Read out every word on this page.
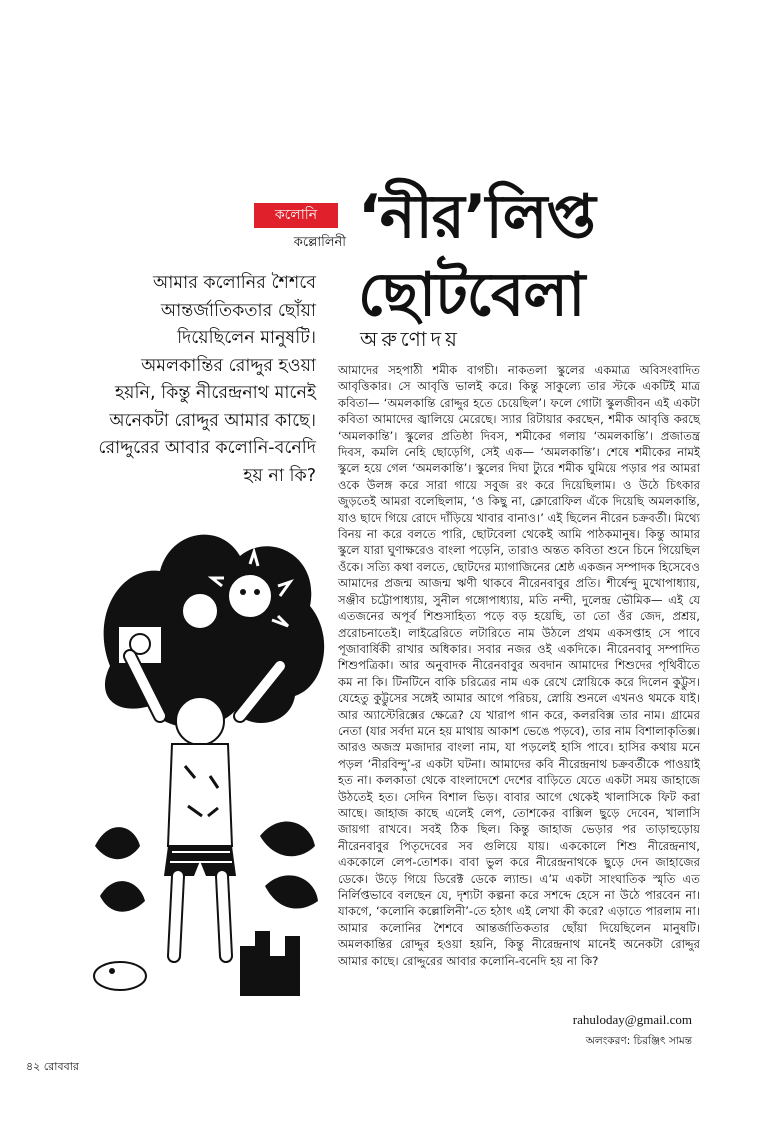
কলোনি
কল্লোলিনী ‘নীর’লিপ্ত
ছোটবেলা
অরুণোদয়
আমার কলোনির শৈশবে আন্তর্জাতিকতার ছোঁয়া দিয়েছিলেন মানুষটি। অমলকান্তির রোদ্দুর হওয়া হয়নি, কিন্তু নীরেন্দ্রনাথ মানেই অনেকটা রোদ্দুর আমার কাছে। রোদ্দুরের আবার কলোনি-বনেদি হয় না কি?

আমাদের সহপাঠী শমীক বাগচী। নাকতলা স্কুলের একমাত্র অবিসংবাদিত আবৃত্তিকার। সে আবৃত্তি ভালই করে। কিন্তু সাকুল্যে তার স্টকে একটিই মাত্র কবিতা— ‘অমলকান্তি রোদ্দুর হতে চেয়েছিল’। ফলে গোটা স্কুলজীবন এই একটা কবিতা আমাদের জ্বালিয়ে মেরেছে। স্যার রিটায়ার করছেন, শমীক আবৃত্তি করছে ‘অমলকান্তি’। স্কুলের প্রতিষ্ঠা দিবস, শমীকের গলায় ‘অমলকান্তি’। প্রজাতন্ত্র দিবস, কমলি নেহি ছোড়েগি, সেই এক— ‘অমলকান্তি’। শেষে শমীকের নামই স্কুলে হয়ে গেল ‘অমলকান্তি’। স্কুলের দিঘা ট্যুরে শমীক ঘুমিয়ে পড়ার পর আমরা ওকে উলঙ্গ করে সারা গায়ে সবুজ রং করে দিয়েছিলাম। ও উঠে চিৎকার জুড়তেই আমরা বলেছিলাম, ‘ও কিছু না, ক্লোরোফিল এঁকে দিয়েছি অমলকান্তি, যাও ছাদে গিয়ে রোদে দাঁড়িয়ে খাবার বানাও।’ এই ছিলেন নীরেন চক্রবর্তী। মিথ্যে বিনয় না করে বলতে পারি, ছোটবেলা থেকেই আমি পাঠকমানুষ। কিন্তু আমার স্কুলে যারা ঘুণাক্ষরেও বাংলা পড়েনি, তারাও অন্তত কবিতা শুনে চিনে গিয়েছিল ওঁকে। সত্যি কথা বলতে, ছোটদের ম্যাগাজিনের শ্রেষ্ঠ একজন সম্পাদক হিসেবেও আমাদের প্রজন্ম আজন্ম ঋণী থাকবে নীরেনবাবুর প্রতি। শীর্ষেন্দু মুখোপাধ্যায়, সঞ্জীব চট্টোপাধ্যায়, সুনীল গঙ্গোপাধ্যায়, মতি নন্দী, দুলেন্দ্র ভৌমিক— এই যে এতজনের অপূর্ব শিশুসাহিত্য পড়ে বড় হয়েছি, তা তো ওঁর জেদ, প্রশ্রয়, প্ররোচনাতেই। লাইব্রেরিতে লটারিতে নাম উঠলে প্রথম একসপ্তাহ সে পাবে পূজাবার্ষিকী রাখার অধিকার। সবার নজর ওই একদিকে। নীরেনবাবু সম্পাদিত শিশুপত্রিকা। আর অনুবাদক নীরেনবাবুর অবদান আমাদের শিশুদের পৃথিবীতে কম না কি। টিনটিনে বাকি চরিত্রের নাম এক রেখে স্নোয়িকে করে দিলেন কুট্টুস। যেহেতু কুট্টুসের সঙ্গেই আমার আগে পরিচয়, স্নোয়ি শুনলে এখনও থমকে যাই। আর অ্যাস্টেরিক্সের ক্ষেত্রে? যে খারাপ গান করে, কলরবিক্স তার নাম। গ্রামের নেতা (যার সর্বদা মনে হয় মাথায় আকাশ ভেঙে পড়বে), তার নাম বিশালাকৃতিক্স। আরও অজস্র মজাদার বাংলা নাম, যা পড়লেই হাসি পাবে। হাসির কথায় মনে পড়ল ‘নীরবিন্দু’-র একটা ঘটনা। আমাদের কবি নীরেন্দ্রনাথ চক্রবর্তীকে পাওয়াই হত না। কলকাতা থেকে বাংলাদেশে দেশের বাড়িতে যেতে একটা সময় জাহাজে উঠতেই হত। সেদিন বিশাল ভিড়। বাবার আগে থেকেই খালাসিকে ফিট করা আছে। জাহাজ কাছে এলেই লেপ, তোশকের বাক্সিল ছুড়ে দেবেন, খালাসি জায়গা রাখবে। সবই ঠিক ছিল। কিন্তু জাহাজ ভেড়ার পর তাড়াহুড়োয় নীরেনবাবুর পিতৃদেবের সব গুলিয়ে যায়। এককোলে শিশু নীরেন্দ্রনাথ, এককোলে লেপ-তোশক। বাবা ভুল করে নীরেন্দ্রনাথকে ছুড়ে দেন জাহাজের ডেকে। উড়ে গিয়ে ডিরেক্ট ডেকে ল্যান্ড। এ’ম একটা সাংঘাতিক স্মৃতি এত নির্লিপ্তভাবে বলছেন যে, দৃশ্যটা কল্পনা করে সশব্দে হেসে না উঠে পারবেন না। যাকগে, ‘কলোনি কল্লোলিনী’-তে হঠাৎ এই লেখা কী করে? এড়াতে পারলাম না। আমার কলোনির শৈশবে আন্তর্জাতিকতার ছোঁয়া দিয়েছিলেন মানুষটি। অমলকান্তির রোদ্দুর হওয়া হয়নি, কিন্তু নীরেন্দ্রনাথ মানেই অনেকটা রোদ্দুর আমার কাছে। রোদ্দুরের আবার কলোনি-বনেদি হয় না কি?

rahuloday@gmail.com
অলংকরণ: চিরঞ্জিৎ সামন্ত
৪২ রোববার
